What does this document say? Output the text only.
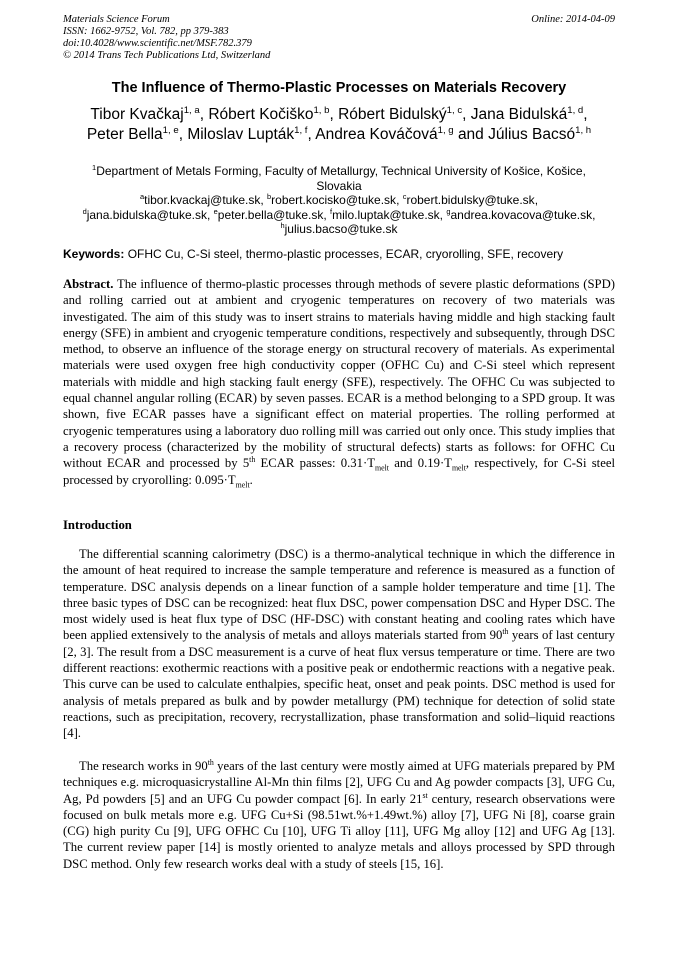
Materials Science Forum
ISSN: 1662-9752, Vol. 782, pp 379-383
doi:10.4028/www.scientific.net/MSF.782.379
© 2014 Trans Tech Publications Ltd, Switzerland
Online: 2014-04-09
The Influence of Thermo-Plastic Processes on Materials Recovery
Tibor Kvačkaj$^{1, a}$, Róbert Kočiško$^{1, b}$, Róbert Bidulský$^{1, c}$, Jana Bidulská$^{1, d}$,
Peter Bella$^{1, e}$, Miloslav Lupták$^{1, f}$, Andrea Kováčová$^{1, g}$ and Július Bacsó$^{1, h}$
$^1$Department of Metals Forming, Faculty of Metallurgy, Technical University of Košice, Košice,
Slovakia
$^a$tibor.kvackaj@tuke.sk, $^b$robert.kocisko@tuke.sk, $^c$robert.bidulsky@tuke.sk,
$^d$jana.bidulska@tuke.sk, $^e$peter.bella@tuke.sk, $^f$milo.luptak@tuke.sk, $^g$andrea.kovacova@tuke.sk,
$^h$julius.bacso@tuke.sk
Keywords: OFHC Cu, C-Si steel, thermo-plastic processes, ECAR, cryorolling, SFE, recovery
Abstract. The influence of thermo-plastic processes through methods of severe plastic deformations (SPD) and rolling carried out at ambient and cryogenic temperatures on recovery of two materials was investigated. The aim of this study was to insert strains to materials having middle and high stacking fault energy (SFE) in ambient and cryogenic temperature conditions, respectively and subsequently, through DSC method, to observe an influence of the storage energy on structural recovery of materials. As experimental materials were used oxygen free high conductivity copper (OFHC Cu) and C-Si steel which represent materials with middle and high stacking fault energy (SFE), respectively. The OFHC Cu was subjected to equal channel angular rolling (ECAR) by seven passes. ECAR is a method belonging to a SPD group. It was shown, five ECAR passes have a significant effect on material properties. The rolling performed at cryogenic temperatures using a laboratory duo rolling mill was carried out only once. This study implies that a recovery process (characterized by the mobility of structural defects) starts as follows: for OFHC Cu without ECAR and processed by 5th ECAR passes: $0.31\cdot T_{melt}$ and $0.19\cdot T_{melt}$, respectively, for C-Si steel processed by cryorolling: $0.095\cdot T_{melt}$.
Introduction
The differential scanning calorimetry (DSC) is a thermo-analytical technique in which the difference in the amount of heat required to increase the sample temperature and reference is measured as a function of temperature. DSC analysis depends on a linear function of a sample holder temperature and time [1]. The three basic types of DSC can be recognized: heat flux DSC, power compensation DSC and Hyper DSC. The most widely used is heat flux type of DSC (HF-DSC) with constant heating and cooling rates which have been applied extensively to the analysis of metals and alloys materials started from 90th years of last century [2, 3]. The result from a DSC measurement is a curve of heat flux versus temperature or time. There are two different reactions: exothermic reactions with a positive peak or endothermic reactions with a negative peak. This curve can be used to calculate enthalpies, specific heat, onset and peak points. DSC method is used for analysis of metals prepared as bulk and by powder metallurgy (PM) technique for detection of solid state reactions, such as precipitation, recovery, recrystallization, phase transformation and solid–liquid reactions [4].
The research works in 90th years of the last century were mostly aimed at UFG materials prepared by PM techniques e.g. microquasicrystalline Al-Mn thin films [2], UFG Cu and Ag powder compacts [3], UFG Cu, Ag, Pd powders [5] and an UFG Cu powder compact [6]. In early 21st century, research observations were focused on bulk metals more e.g. UFG Cu+Si (98.51wt.%+1.49wt.%) alloy [7], UFG Ni [8], coarse grain (CG) high purity Cu [9], UFG OFHC Cu [10], UFG Ti alloy [11], UFG Mg alloy [12] and UFG Ag [13]. The current review paper [14] is mostly oriented to analyze metals and alloys processed by SPD through DSC method. Only few research works deal with a study of steels [15, 16].
